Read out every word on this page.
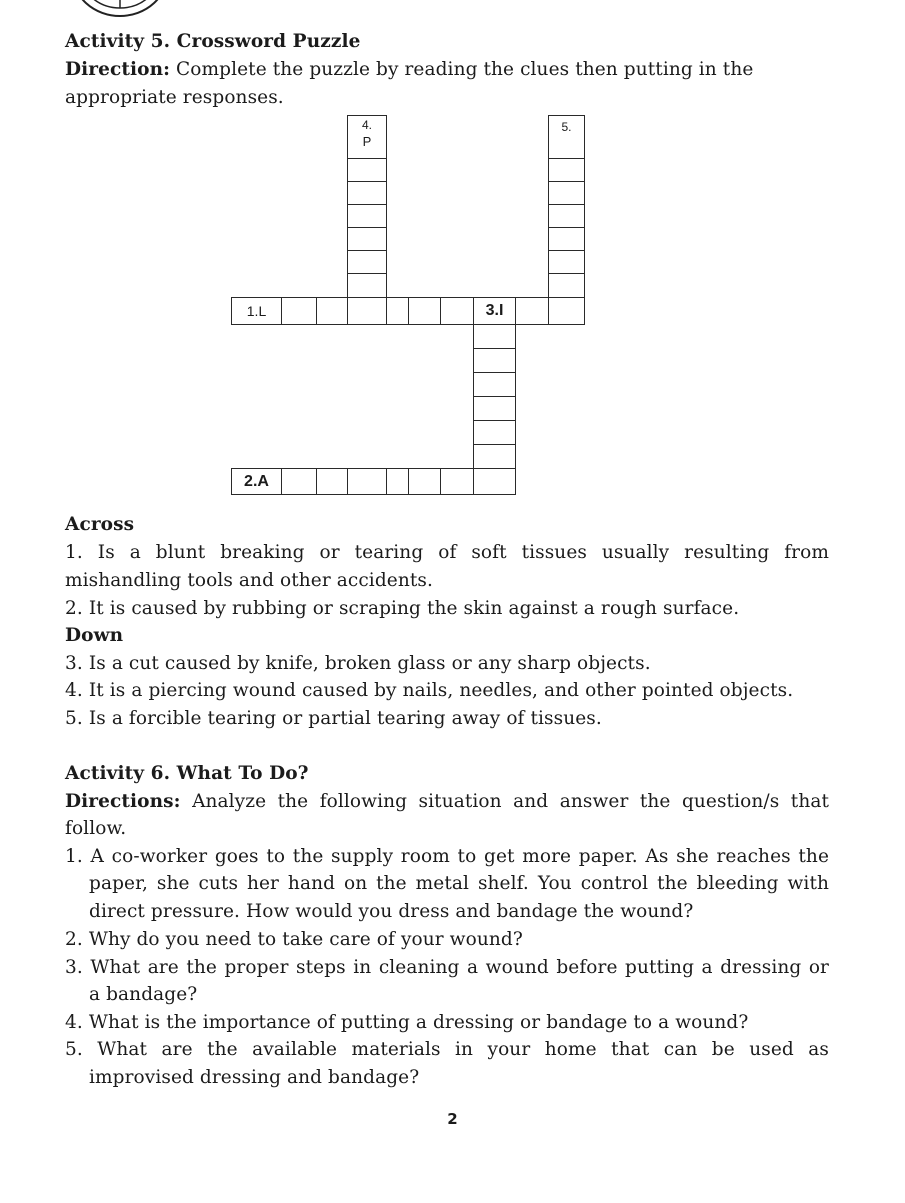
Activity 5. Crossword Puzzle
Direction: Complete the puzzle by reading the clues then putting in the
appropriate responses.
4.
P
5.
1.L	3.I
2.A
Across
1. Is a blunt breaking or tearing of soft tissues usually resulting from
mishandling tools and other accidents.
2. It is caused by rubbing or scraping the skin against a rough surface.
Down
3. Is a cut caused by knife, broken glass or any sharp objects.
4. It is a piercing wound caused by nails, needles, and other pointed objects.
5. Is a forcible tearing or partial tearing away of tissues.
Activity 6. What To Do?
Directions: Analyze the following situation and answer the question/s that
follow.
1. A co-worker goes to the supply room to get more paper. As she reaches the
paper, she cuts her hand on the metal shelf. You control the bleeding with
direct pressure. How would you dress and bandage the wound?
2. Why do you need to take care of your wound?
3. What are the proper steps in cleaning a wound before putting a dressing or
a bandage?
4. What is the importance of putting a dressing or bandage to a wound?
5. What are the available materials in your home that can be used as
improvised dressing and bandage?
2
